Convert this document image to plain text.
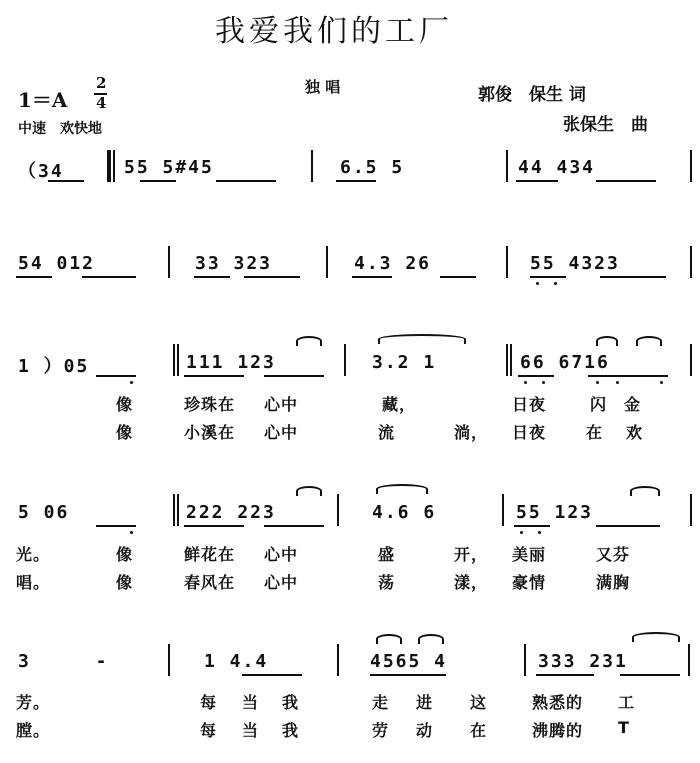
我爱我们的工厂
1＝A
2
4
独 唱	郭俊　保生 词
张保生　曲
中速　欢快地
（34	55 5#45	6.5 5	44 434
54 012	33 323	4.3 26	55 4323
1 ）05	111 123	3.2 1	66 6716
像	珍珠在 心中	藏，	日夜	闪 金
像	小溪在 心中	流	淌， 日夜 在 欢
5 06	222 223	4.6 6	55 123
光。	像	鲜花在 心中	盛	开， 美丽	又芬
唱。	像	春风在 心中	荡	漾， 豪情	满胸
3 -	1 4.4	4565 4	333 231
芳。	每 当 我	走 进 这	熟悉的 工
膛。	每 当 我	劳 动 在	沸腾的 T
